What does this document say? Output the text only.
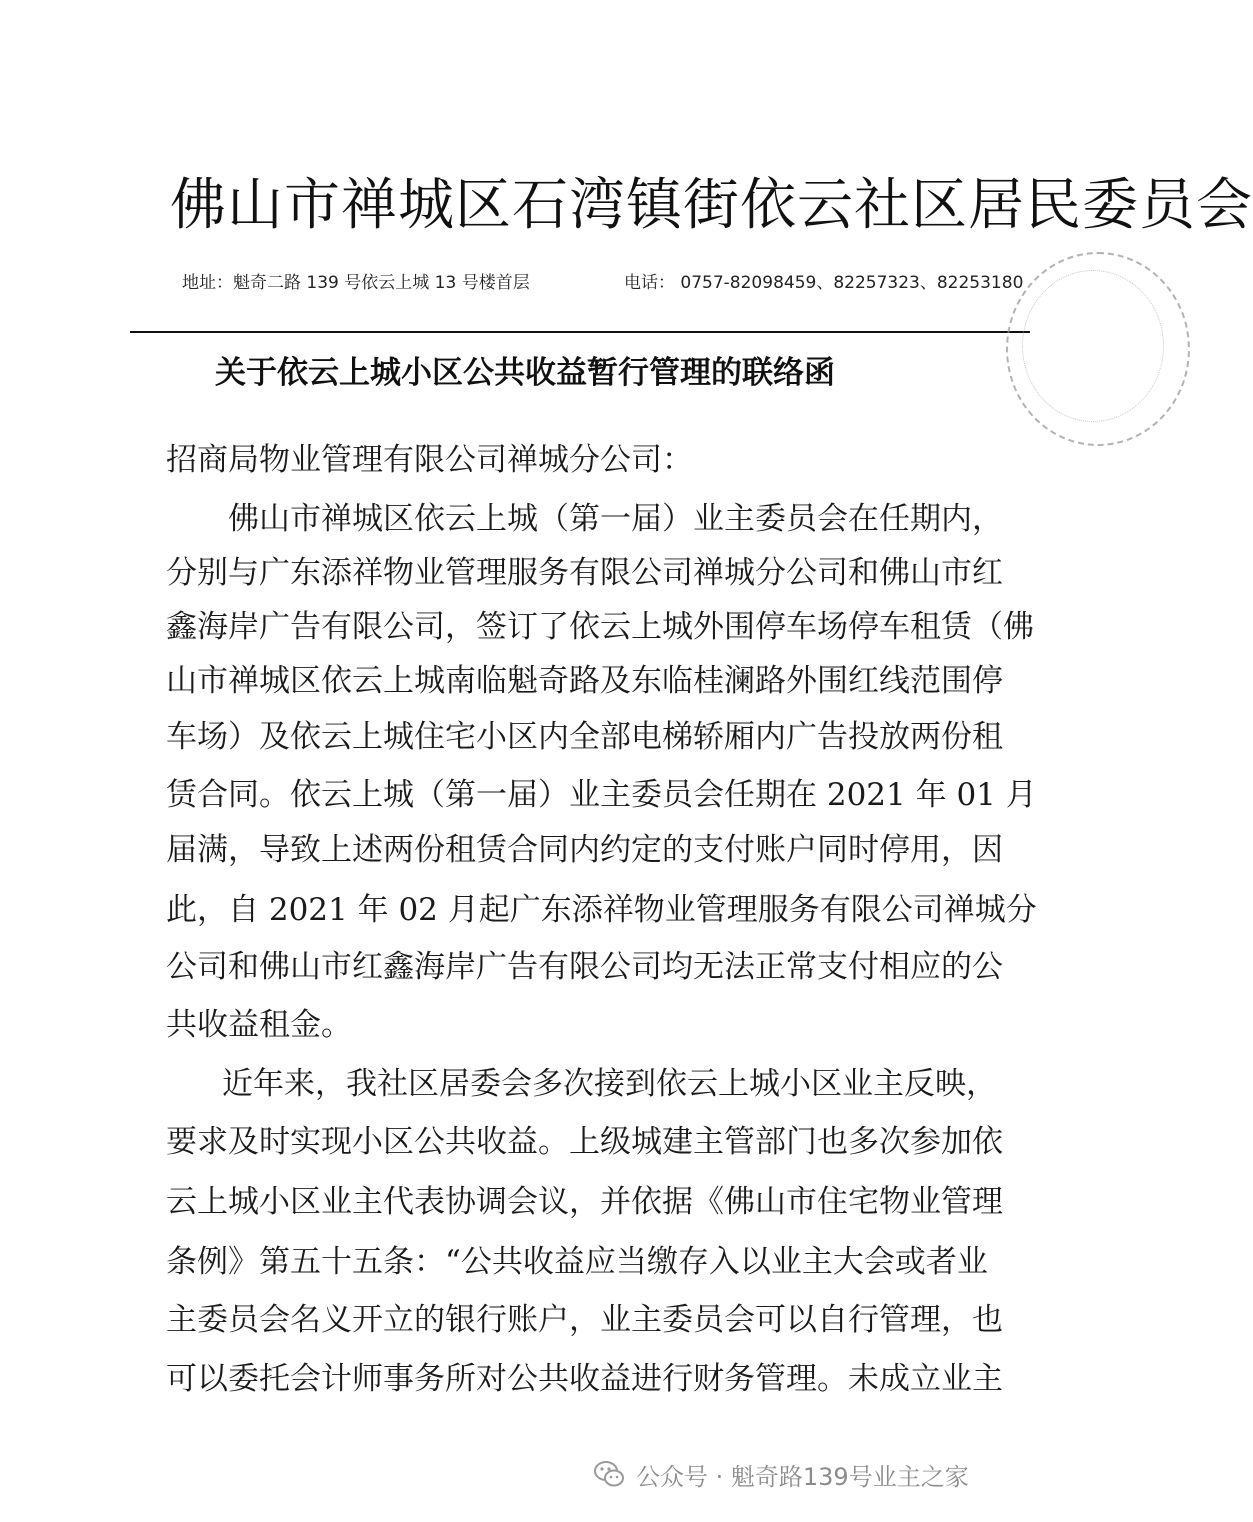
佛山市禅城区石湾镇街依云社区居民委员会
地址：魁奇二路 139 号依云上城 13 号楼首层	电话： 0757-82098459、82257323、82253180
关于依云上城小区公共收益暂行管理的联络函
招商局物业管理有限公司禅城分公司：
佛山市禅城区依云上城（第一届）业主委员会在任期内，
分别与广东添祥物业管理服务有限公司禅城分公司和佛山市红
鑫海岸广告有限公司，签订了依云上城外围停车场停车租赁（佛
山市禅城区依云上城南临魁奇路及东临桂澜路外围红线范围停
车场）及依云上城住宅小区内全部电梯轿厢内广告投放两份租
赁合同。依云上城（第一届）业主委员会任期在 2021 年 01 月
届满，导致上述两份租赁合同内约定的支付账户同时停用，因
此，自 2021 年 02 月起广东添祥物业管理服务有限公司禅城分
公司和佛山市红鑫海岸广告有限公司均无法正常支付相应的公
共收益租金。
近年来，我社区居委会多次接到依云上城小区业主反映，
要求及时实现小区公共收益。上级城建主管部门也多次参加依
云上城小区业主代表协调会议，并依据《佛山市住宅物业管理
条例》第五十五条：“公共收益应当缴存入以业主大会或者业
主委员会名义开立的银行账户，业主委员会可以自行管理，也
可以委托会计师事务所对公共收益进行财务管理。未成立业主
公众号 · 魁奇路139号业主之家
